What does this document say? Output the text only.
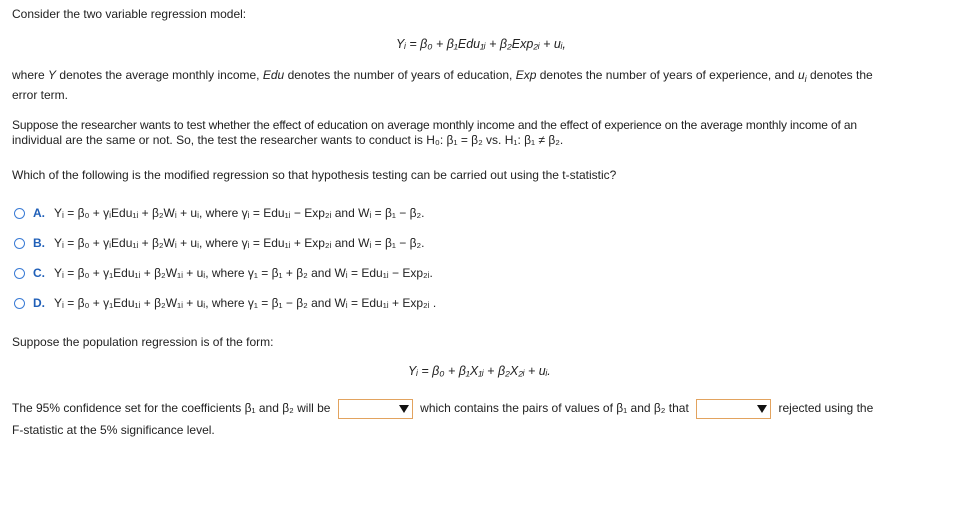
Consider the two variable regression model:
Yᵢ = β₀ + β₁Edu₁ᵢ + β₂Exp₂ᵢ + uᵢ,
where Y denotes the average monthly income, Edu denotes the number of years of education, Exp denotes the number of years of experience, and $u_i$ denotes the
error term.
Suppose the researcher wants to test whether the effect of education on average monthly income and the effect of experience on the average monthly income of an
individual are the same or not. So, the test the researcher wants to conduct is H₀: β₁ = β₂ vs. H₁: β₁ ≠ β₂.
Which of the following is the modified regression so that hypothesis testing can be carried out using the t-statistic?
A. Yᵢ = β₀ + γᵢEdu₁ᵢ + β₂Wᵢ + uᵢ, where γᵢ = Edu₁ᵢ − Exp₂ᵢ and Wᵢ = β₁ − β₂.
B. Yᵢ = β₀ + γᵢEdu₁ᵢ + β₂Wᵢ + uᵢ, where γᵢ = Edu₁ᵢ + Exp₂ᵢ and Wᵢ = β₁ − β₂.
C. Yᵢ = β₀ + γ₁Edu₁ᵢ + β₂W₁ᵢ + uᵢ, where γ₁ = β₁ + β₂ and Wᵢ = Edu₁ᵢ − Exp₂ᵢ.
D. Yᵢ = β₀ + γ₁Edu₁ᵢ + β₂W₁ᵢ + uᵢ, where γ₁ = β₁ − β₂ and Wᵢ = Edu₁ᵢ + Exp₂ᵢ .
Suppose the population regression is of the form:
Yᵢ = β₀ + β₁X₁ᵢ + β₂X₂ᵢ + uᵢ.
The 95% confidence set for the coefficients β₁ and β₂ will be	which contains the pairs of values of β₁ and β₂ that	rejected using the
F-statistic at the 5% significance level.
